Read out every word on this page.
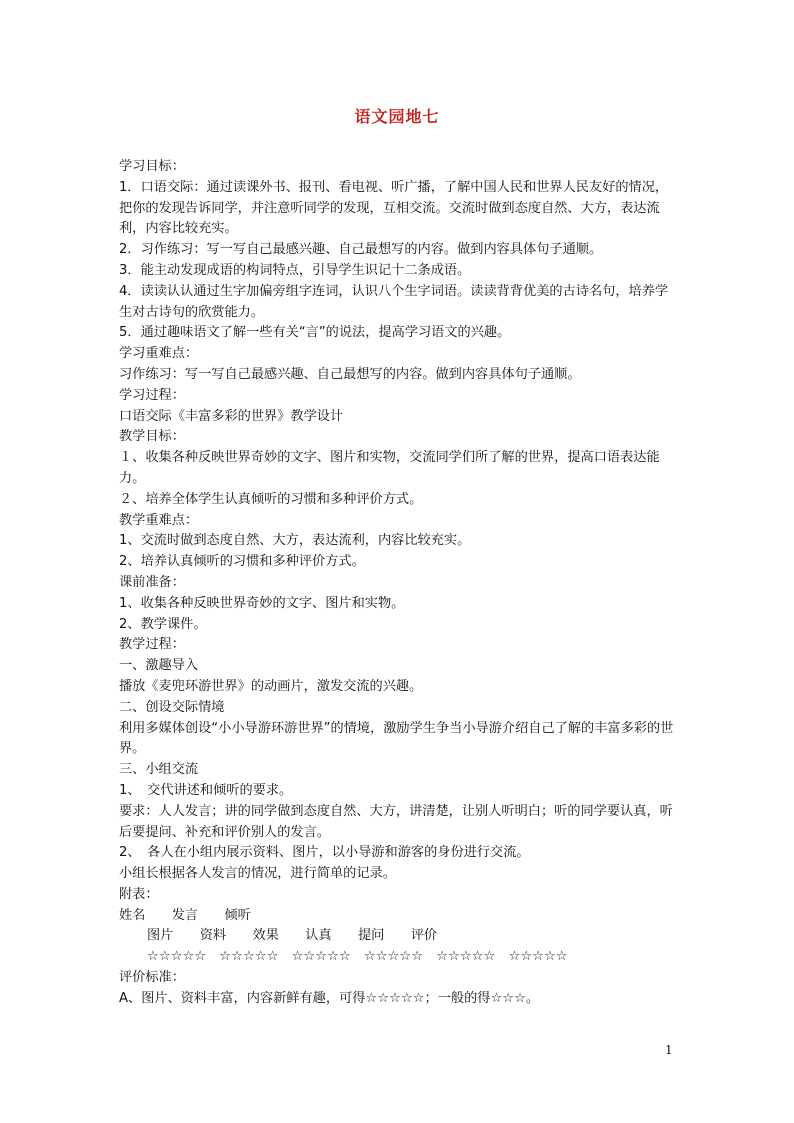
语文园地七

学习目标：

1．口语交际：通过读课外书、报刊、看电视、听广播，了解中国人民和世界人民友好的情况，把你的发现告诉同学，并注意听同学的发现，互相交流。交流时做到态度自然、大方，表达流利，内容比较充实。

2．习作练习：写一写自己最感兴趣、自己最想写的内容。做到内容具体句子通顺。

3．能主动发现成语的构词特点，引导学生识记十二条成语。

4．读读认认通过生字加偏旁组字连词，认识八个生字词语。读读背背优美的古诗名句，培养学生对古诗句的欣赏能力。

5．通过趣味语文了解一些有关“言”的说法，提高学习语文的兴趣。

学习重难点：

习作练习：写一写自己最感兴趣、自己最想写的内容。做到内容具体句子通顺。

学习过程：

口语交际《丰富多彩的世界》教学设计

教学目标：

１、收集各种反映世界奇妙的文字、图片和实物，交流同学们所了解的世界，提高口语表达能力。

２、培养全体学生认真倾听的习惯和多种评价方式。

教学重难点：

1、交流时做到态度自然、大方，表达流利，内容比较充实。

2、培养认真倾听的习惯和多种评价方式。

课前准备：

1、收集各种反映世界奇妙的文字、图片和实物。

2、教学课件。

教学过程：

一、激趣导入

播放《麦兜环游世界》的动画片，激发交流的兴趣。

二、创设交际情境

利用多媒体创设“小小导游环游世界”的情境，激励学生争当小导游介绍自己了解的丰富多彩的世界。

三、小组交流

1、　交代讲述和倾听的要求。

要求：人人发言；讲的同学做到态度自然、大方，讲清楚，让别人听明白；听的同学要认真，听后要提问、补充和评价别人的发言。

2、　各人在小组内展示资料、图片，以小导游和游客的身份进行交流。

小组长根据各人发言的情况，进行简单的记录。

附表：

姓名　　发言　　倾听

图片　　资料　　效果　　认真　　提问　　评价

☆☆☆☆☆　☆☆☆☆☆　☆☆☆☆☆　☆☆☆☆☆　☆☆☆☆☆　☆☆☆☆☆

评价标准：

A、图片、资料丰富，内容新鲜有趣，可得☆☆☆☆☆；一般的得☆☆☆。

1
